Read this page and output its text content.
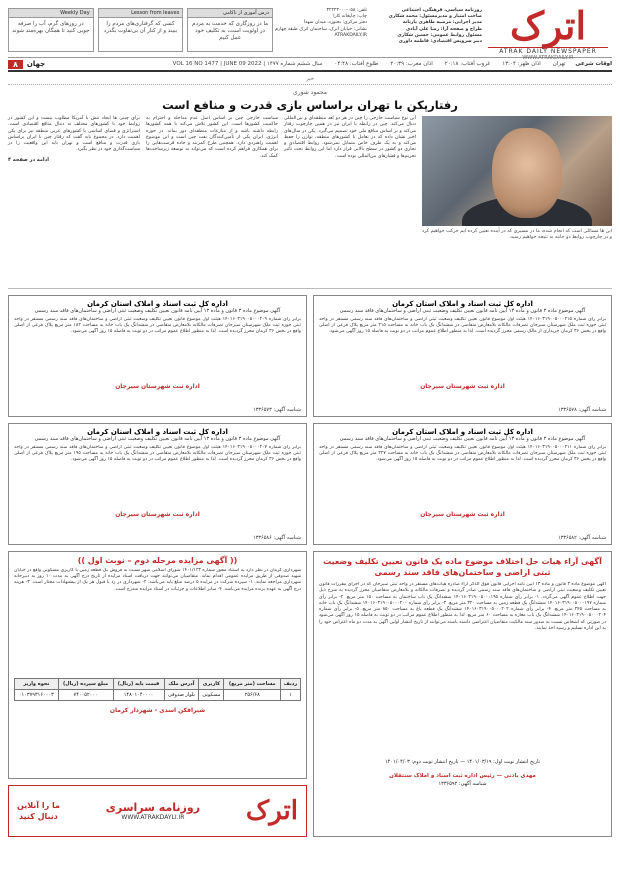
اترک
ATRAK DAILY NEWSPAPER
WWW.ATRAKDAILY.IR
روزنامه سیاسی، فرهنگی، اجتماعی
صاحب امتیاز و مدیرمسئول: محمد شکاری
مدیر اجرایی: مرضیه طاهری پارتانه
طراح و صفحه آرا: رضا علی آبادی
مسئول روابط عمومی: حسین شکاری
دبیر سرویس اقتصادی: فاطمه داوری
تلفن: ۰۵۸-۳۲۲۲۳۰۰۰
چاپ: چاپخانه کارا
دفتر مرکزی: بجنورد، میدان شهدا
نشانی: خیابان اترک، ساختمان اترک طبقه چهارم
ATRAKDAILY.IR
درس آموزی از ناکامی
ما در روزگاری که خدمت به مردم در اولویت است، به تکلیف خود عمل کنیم
Lesson from leaves
کسی که گرفتاری‌های مردم را ببیند و از کنار آن بی‌تفاوت بگذرد
Weekly Day
در روزهای گرم، آب را صرفه جویی کنید تا همگان بهره‌مند شوند
اوقات شرعی
تهران
اذان ظهر: ۱۳:۰۴
غروب آفتاب: ۲۰:۱۸
اذان مغرب: ۲۰:۳۹
طلوع آفتاب: ۰۴:۴۸
سال ششم شماره ۱۴۷۷ | VOL 16 NO 1477 | JUNE 09 2022
جهان
۸
خبر
محمود شوری
رفتارپکن با تهران براساس بازی قدرت و منافع است
این ها مسائلی است که انجام شده، ما در مسیری که در آینده تعیین کرده ایم حرکت خواهیم کرد و در چارچوب روابط دو جانبه به نتیجه خواهیم رسید.
این نوع سیاست خارجی را چین در هر دو بُعد منطقه‌ای و بین‌المللی دنبال می‌کند. چین در رابطه با ایران نیز در همین چارچوب رفتار می‌کند و بر اساس منافع ملی خود تصمیم می‌گیرد. پکن در سال‌های اخیر نشان داده که در تعامل با کشورهای منطقه، توازن را حفظ می‌کند و به یک طرف خاص متمایل نمی‌شود. روابط اقتصادی و تجاری دو کشور در سطح بالایی قرار دارد اما این روابط تحت تأثیر تحریم‌ها و فشارهای بین‌المللی بوده است.
سیاست خارجی چین بر اساس اصل عدم مداخله و احترام به حاکمیت کشورها است. این کشور تلاش می‌کند با همه کشورها رابطه داشته باشد و از منازعات منطقه‌ای دور بماند. در حوزه انرژی، ایران یکی از تأمین‌کنندگان نفت چین است و این موضوع اهمیت راهبردی دارد. همچنین طرح کمربند و جاده فرصت‌هایی را برای همکاری فراهم کرده است که می‌تواند به توسعه زیرساخت‌ها کمک کند.
برای چینی ها ایجاد تنش با آمریکا مطلوب نیست و این کشور در روابط خود با کشورهای مختلف به دنبال منافع اقتصادی است. استراتژی و فضای اساسی با کشورهای عربی منطقه نیز برای پکن اهمیت دارد. در مجموع باید گفت که رفتار چین با ایران براساس بازی قدرت و منافع است و تهران باید این واقعیت را در سیاست‌گذاری خود در نظر بگیرد.
ادامه در صفحه ۴
اداره کل ثبت اسناد و املاک استان کرمان
آگهی موضوع ماده ۳ قانون و ماده ۱۳ آیین نامه قانون تعیین تکلیف وضعیت ثبتی اراضی و ساختمان‌های فاقد سند رسمی
برابر رأی شماره ۱۴۰۱۶۰۳۱۹۰۰۵۰۰۰۲۱۵ هیئت اول موضوع قانون تعیین تکلیف وضعیت ثبتی اراضی و ساختمان‌های فاقد سند رسمی مستقر در واحد ثبتی حوزه ثبت ملک شهرستان سیرجان تصرفات مالکانه بلامعارض متقاضی در ششدانگ یک باب خانه به مساحت ۲۱۵ متر مربع پلاک فرعی از اصلی واقع در بخش ۳۶ کرمان خریداری از مالک رسمی محرز گردیده است. لذا به منظور اطلاع عموم مراتب در دو نوبت به فاصله ۱۵ روز آگهی می‌شود.
اداره ثبت شهرستان سیرجان
شناسه آگهی: ۱۳۳۶۵۷۸
اداره کل ثبت اسناد و املاک استان کرمان
آگهی موضوع ماده ۳ قانون و ماده ۱۳ آیین نامه قانون تعیین تکلیف وضعیت ثبتی اراضی و ساختمان‌های فاقد سند رسمی
برابر رأی شماره ۱۴۰۱۶۰۳۱۹۰۰۵۰۰۰۲۰۹ هیئت اول موضوع قانون تعیین تکلیف وضعیت ثبتی اراضی و ساختمان‌های فاقد سند رسمی مستقر در واحد ثبتی حوزه ثبت ملک شهرستان سیرجان تصرفات مالکانه بلامعارض متقاضی در ششدانگ یک باب خانه به مساحت ۱۸۲ متر مربع پلاک فرعی از اصلی واقع در بخش ۳۶ کرمان محرز گردیده است. لذا به منظور اطلاع عموم مراتب در دو نوبت به فاصله ۱۵ روز آگهی می‌شود.
اداره ثبت شهرستان سیرجان
شناسه آگهی: ۱۳۳۶۵۷۳
اداره کل ثبت اسناد و املاک استان کرمان
آگهی موضوع ماده ۳ قانون و ماده ۱۳ آیین نامه قانون تعیین تکلیف وضعیت ثبتی اراضی و ساختمان‌های فاقد سند رسمی
برابر رأی شماره ۱۴۰۱۶۰۳۱۹۰۰۵۰۰۰۲۱۱ هیئت اول موضوع قانون تعیین تکلیف وضعیت ثبتی اراضی و ساختمان‌های فاقد سند رسمی مستقر در واحد ثبتی حوزه ثبت ملک شهرستان سیرجان تصرفات مالکانه بلامعارض متقاضی در ششدانگ یک باب خانه به مساحت ۲۲۷ متر مربع پلاک فرعی از اصلی واقع در بخش ۳۶ کرمان محرز گردیده است. لذا به منظور اطلاع عموم مراتب در دو نوبت به فاصله ۱۵ روز آگهی می‌شود.
اداره ثبت شهرستان سیرجان
شناسه آگهی: ۱۳۳۶۵۸۲
اداره کل ثبت اسناد و املاک استان کرمان
آگهی موضوع ماده ۳ قانون و ماده ۱۳ آیین نامه قانون تعیین تکلیف وضعیت ثبتی اراضی و ساختمان‌های فاقد سند رسمی
برابر رأی شماره ۱۴۰۱۶۰۳۱۹۰۰۵۰۰۰۲۰۷ هیئت اول موضوع قانون تعیین تکلیف وضعیت ثبتی اراضی و ساختمان‌های فاقد سند رسمی مستقر در واحد ثبتی حوزه ثبت ملک شهرستان سیرجان تصرفات مالکانه بلامعارض متقاضی در ششدانگ یک باب خانه به مساحت ۱۹۵ متر مربع پلاک فرعی از اصلی واقع در بخش ۳۶ کرمان محرز گردیده است. لذا به منظور اطلاع عموم مراتب در دو نوبت به فاصله ۱۵ روز آگهی می‌شود.
اداره ثبت شهرستان سیرجان
شناسه آگهی: ۱۳۳۶۵۸۶
آگهی آراء هیات حل اختلاف موضوع ماده یک قانون تعیین تکلیف وضعیت ثبتی اراضی و ساختمان‌های فاقد سند رسمی
آگهی موضوع ماده ۳ قانون و ماده ۱۳ آیین نامه اجرایی قانون فوق الذکر آراء صادره هیات‌های مستقر در واحد ثبتی سیرجان که در اجرای مقررات قانون تعیین تکلیف وضعیت ثبتی اراضی و ساختمان‌های فاقد سند رسمی صادر گردیده و تصرفات مالکانه و بلامعارض متقاضیان محرز گردیده به شرح ذیل جهت اطلاع عموم آگهی می‌گردد. ۱- برابر رأی شماره ۱۴۰۱۶۰۳۱۹۰۰۵۰۰۰۱۹۵ ششدانگ یک باب ساختمان به مساحت ۱۵۰ متر مربع. ۲- برابر رأی شماره ۱۴۰۱۶۰۳۱۹۰۰۵۰۰۰۱۹۷ ششدانگ یک قطعه زمین به مساحت ۳۲۰ متر مربع. ۳- برابر رأی شماره ۱۴۰۱۶۰۳۱۹۰۰۵۰۰۰۲۰۰ ششدانگ یک باب خانه به مساحت ۲۴۵ متر مربع. ۴- برابر رأی شماره ۱۴۰۱۶۰۳۱۹۰۰۵۰۰۰۲۰۲ ششدانگ یک قطعه باغ به مساحت ۸۵۰ متر مربع. ۵- برابر رأی شماره ۱۴۰۱۶۰۳۱۹۰۰۵۰۰۰۲۰۴ ششدانگ یک باب مغازه به مساحت ۶۰ متر مربع. لذا به منظور اطلاع عموم مراتب در دو نوبت به فاصله ۱۵ روز آگهی می‌شود در صورتی که اشخاص نسبت به صدور سند مالکیت متقاضیان اعتراضی داشته باشند می‌توانند از تاریخ انتشار اولین آگهی به مدت دو ماه اعتراض خود را به این اداره تسلیم و رسید اخذ نمایند.
تاریخ انتشار نوبت اول: ۱۴۰۱/۰۳/۱۹ — تاریخ انتشار نوبت دوم: ۱۴۰۱/۰۴/۰۳
مهدی بادنی — رئیس اداره ثبت اسناد و املاک سنتقلان
شناسه آگهی: ۱۳۳۶۵۹۲
(( آگهی مزایده مرحله دوم – نوبت اول ))
شهرداری کرمان در نظر دارد به استناد مجوز شماره ۱۴۰۱/۱۲۳ شورای اسلامی شهر نسبت به فروش یک قطعه زمین با کاربری مسکونی واقع در خیابان شهید صدوقی از طریق مزایده عمومی اقدام نماید. متقاضیان می‌توانند جهت دریافت اسناد مزایده از تاریخ درج آگهی به مدت ۱۰ روز به دبیرخانه شهرداری مراجعه نمایند. ۱- سپرده شرکت در مزایده ۵ درصد مبلغ پایه می‌باشد. ۲- شهرداری در رد یا قبول هر یک از پیشنهادات مختار است. ۳- هزینه درج آگهی به عهده برنده مزایده می‌باشد. ۴- سایر اطلاعات و جزئیات در اسناد مزایده مندرج است.
ردیف	مساحت (متر مربع)	کاربری	آدرس ملک	قیمت پایه (ریال)	مبلغ سپرده (ریال)	نحوه واریز
۱	۲۵۶/۶۸	مسکونی	بلوار صدوقی	۱۴۸۰۱۰۴۰۰۰۰	۷۴۰۰۵۲۰۰۰	۰۱۰۳۷۹۳۱۶۰۰۰۳
شیرافکن اسدی - شهردار کرمان
اترک
روزنامه سراسری
WWW.ATRAKDAYLI.IR
ما را آنلاین
دنبال کنید
